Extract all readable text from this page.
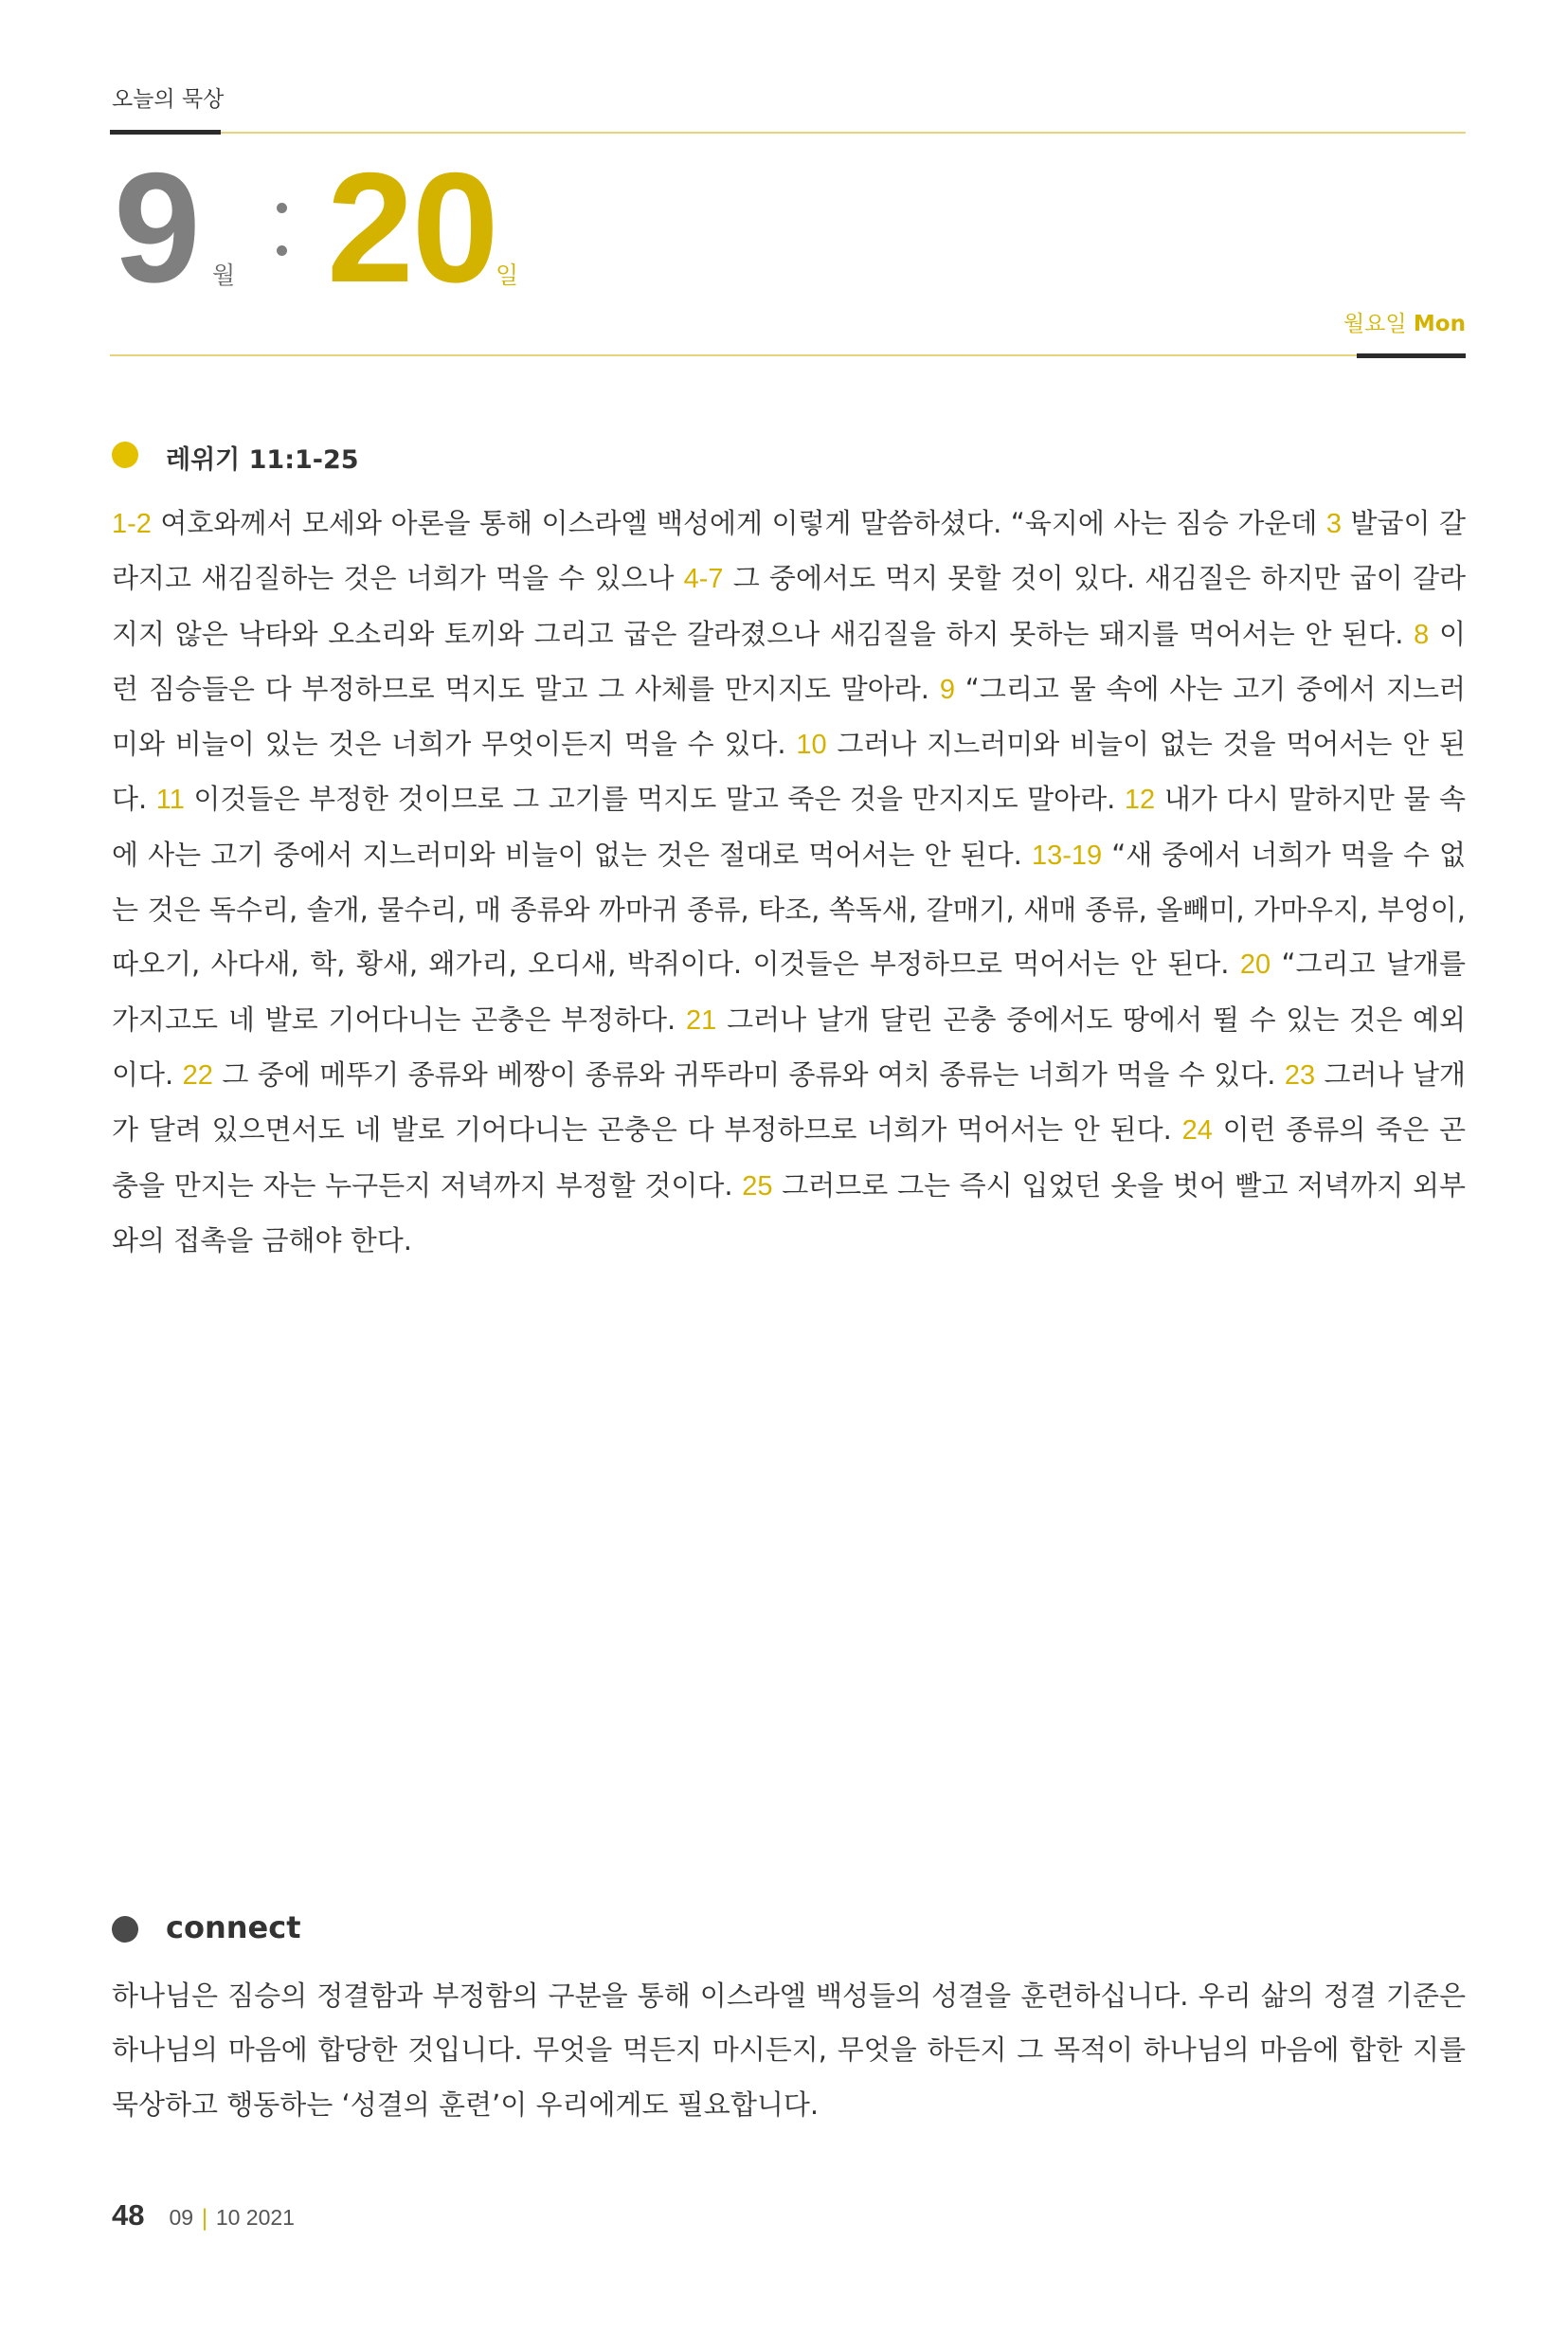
오늘의 묵상
9 월 20
일
월요일 Mon
레위기 11:1-25

1-2 여호와께서 모세와 아론을 통해 이스라엘 백성에게 이렇게 말씀하셨다. “육지에 사는 짐승 가운데 3 발굽이 갈라지고 새김질하는 것은 너희가 먹을 수 있으나 4-7 그 중에서도 먹지 못할 것이 있다. 새김질은 하지만 굽이 갈라지지 않은 낙타와 오소리와 토끼와 그리고 굽은 갈라졌으나 새김질을 하지 못하는 돼지를 먹어서는 안 된다. 8 이런 짐승들은 다 부정하므로 먹지도 말고 그 사체를 만지지도 말아라. 9 “그리고 물 속에 사는 고기 중에서 지느러미와 비늘이 있는 것은 너희가 무엇이든지 먹을 수 있다. 10 그러나 지느러미와 비늘이 없는 것을 먹어서는 안 된다. 11 이것들은 부정한 것이므로 그 고기를 먹지도 말고 죽은 것을 만지지도 말아라. 12 내가 다시 말하지만 물 속에 사는 고기 중에서 지느러미와 비늘이 없는 것은 절대로 먹어서는 안 된다. 13-19 “새 중에서 너희가 먹을 수 없는 것은 독수리, 솔개, 물수리, 매 종류와 까마귀 종류, 타조, 쏙독새, 갈매기, 새매 종류, 올빼미, 가마우지, 부엉이, 따오기, 사다새, 학, 황새, 왜가리, 오디새, 박쥐이다. 이것들은 부정하므로 먹어서는 안 된다. 20 “그리고 날개를 가지고도 네 발로 기어다니는 곤충은 부정하다. 21 그러나 날개 달린 곤충 중에서도 땅에서 뛸 수 있는 것은 예외이다. 22 그 중에 메뚜기 종류와 베짱이 종류와 귀뚜라미 종류와 여치 종류는 너희가 먹을 수 있다. 23 그러나 날개가 달려 있으면서도 네 발로 기어다니는 곤충은 다 부정하므로 너희가 먹어서는 안 된다. 24 이런 종류의 죽은 곤충을 만지는 자는 누구든지 저녁까지 부정할 것이다. 25 그러므로 그는 즉시 입었던 옷을 벗어 빨고 저녁까지 외부와의 접촉을 금해야 한다.

connect

하나님은 짐승의 정결함과 부정함의 구분을 통해 이스라엘 백성들의 성결을 훈련하십니다. 우리 삶의 정결 기준은 하나님의 마음에 합당한 것입니다. 무엇을 먹든지 마시든지, 무엇을 하든지 그 목적이 하나님의 마음에 합한 지를 묵상하고 행동하는 ‘성결의 훈련’이 우리에게도 필요합니다.

48 09 | 10 2021
